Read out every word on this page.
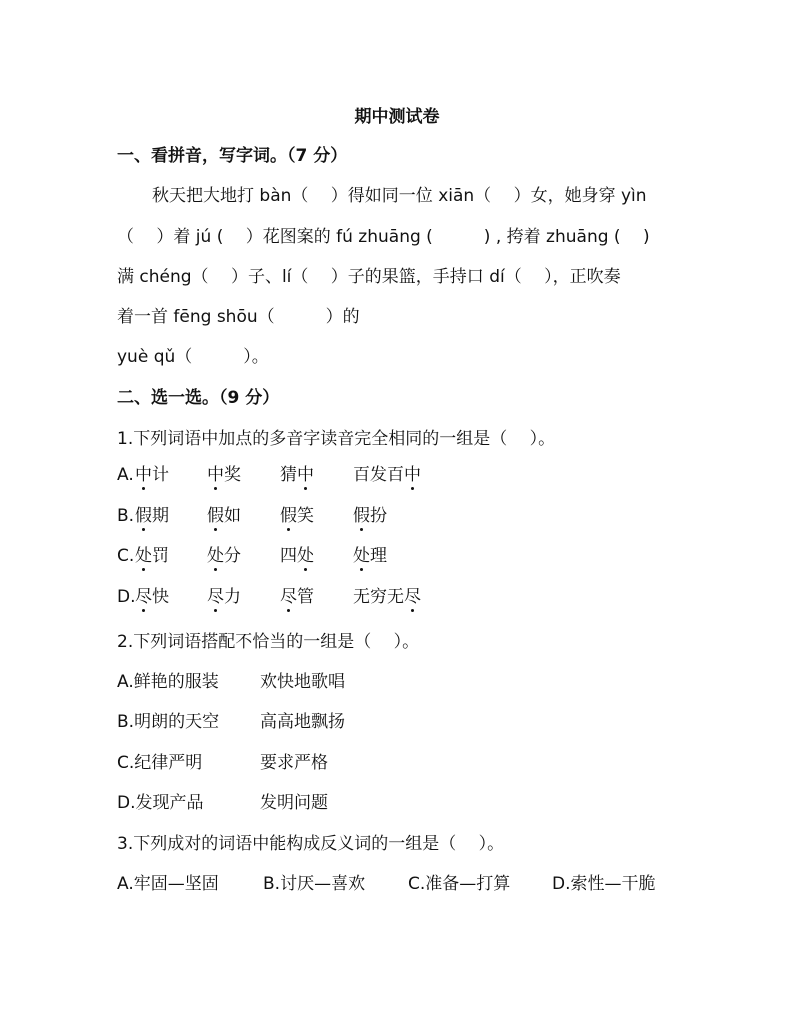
期中测试卷
一、看拼音，写字词。（7 分）
秋天把大地打 bàn（　 ）得如同一位 xiān（　 ）女，她身穿 yìn
（　 ）着 jú (　 ）花图案的 fú zhuāng (　　　) , 挎着 zhuāng (　 )
满 chéng（　 ）子、lí（　 ）子的果篮，手持口 dí（　 ），正吹奏
着一首 fēng shōu（　　　）的
yuè qǔ（　　　）。
二、选一选。（9 分）
1.下列词语中加点的多音字读音完全相同的一组是（　 ）。
A. 中计 中奖 猜中 百发百中
B. 假期 假如 假笑 假扮
C. 处罚 处分 四处 处理
D. 尽快 尽力 尽管 无穷无尽
2.下列词语搭配不恰当的一组是（　 ）。
A.鲜艳的服装 欢快地歌唱
B.明朗的天空 高高地飘扬
C.纪律严明	要求严格
D.发现产品	发明问题
3.下列成对的词语中能构成反义词的一组是（　 ）。
A.牢固—坚固	B.讨厌—喜欢	C.准备—打算 D.索性—干脆
